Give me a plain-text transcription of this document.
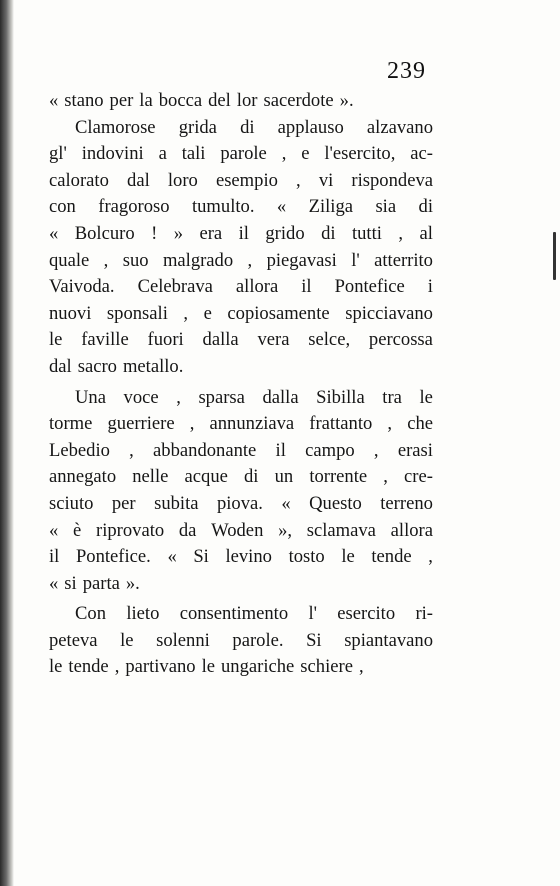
239
« stano per la bocca del lor sacerdote ».
Clamorose grida di applauso alzavano
gl' indovini a tali parole , e l'esercito, ac-
calorato dal loro esempio , vi rispondeva
con fragoroso tumulto. « Ziliga sia di
« Bolcuro ! » era il grido di tutti , al
quale , suo malgrado , piegavasi l' atterrito
Vaivoda. Celebrava allora il Pontefice i
nuovi sponsali , e copiosamente spicciavano
le faville fuori dalla vera selce, percossa
dal sacro metallo.
Una voce , sparsa dalla Sibilla tra le
torme guerriere , annunziava frattanto , che
Lebedio , abbandonante il campo , erasi
annegato nelle acque di un torrente , cre-
sciuto per subita piova. « Questo terreno
« è riprovato da Woden », sclamava allora
il Pontefice. « Si levino tosto le tende ,
« si parta ».
Con lieto consentimento l' esercito ri-
peteva le solenni parole. Si spiantavano
le tende , partivano le ungariche schiere ,
